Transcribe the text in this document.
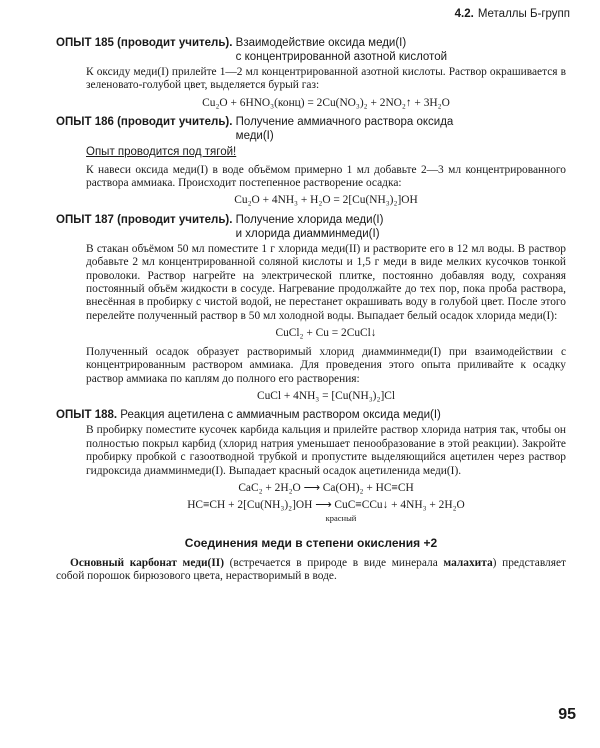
4.2. Металлы Б-групп
ОПЫТ 185 (проводит учитель).
Взаимодействие оксида меди(I)
с концентрированной азотной кислотой

К оксиду меди(I) прилейте 1—2 мл концентрированной азотной кислоты. Раствор окрашивается в зеленовато-голубой цвет, выделяется бурый газ:

Cu₂O + 6HNO₃(конц) = 2Cu(NO₃)₂ + 2NO₂↑ + 3H₂O
ОПЫТ 186 (проводит учитель).
Получение аммиачного раствора оксида
меди(I)
Опыт проводится под тягой!

К навеси оксида меди(I) в воде объёмом примерно 1 мл добавьте 2—3 мл концентрированного раствора аммиака. Происходит постепенное растворение осадка:

Cu₂O + 4NH₃ + H₂O = 2[Cu(NH₃)₂]OH
ОПЫТ 187 (проводит учитель).
Получение хлорида меди(I)
и хлорида диамминмеди(I)

В стакан объёмом 50 мл поместите 1 г хлорида меди(II) и растворите его в 12 мл воды. В раствор добавьте 2 мл концентрированной соляной кислоты и 1,5 г меди в виде мелких кусочков тонкой проволоки. Раствор нагрейте на электрической плитке, постоянно добавляя воду, сохраняя постоянный объём жидкости в сосуде. Нагревание продолжайте до тех пор, пока проба раствора, внесённая в пробирку с чистой водой, не перестанет окрашивать воду в голубой цвет. После этого перелейте полученный раствор в 50 мл холодной воды. Выпадает белый осадок хлорида меди(I):

CuCl₂ + Cu = 2CuCl↓

Полученный осадок образует растворимый хлорид диамминмеди(I) при взаимодействии с концентрированным раствором аммиака. Для проведения этого опыта приливайте к осадку раствор аммиака по каплям до полного его растворения:

CuCl + 4NH₃ = [Cu(NH₃)₂]Cl
ОПЫТ 188.
Реакция ацетилена с аммиачным раствором оксида меди(I)

В пробирку поместите кусочек карбида кальция и прилейте раствор хлорида натрия так, чтобы он полностью покрыл карбид (хлорид натрия уменьшает пенообразование в этой реакции). Закройте пробирку пробкой с газоотводной трубкой и пропустите выделяющийся ацетилен через раствор гидроксида диамминмеди(I). Выпадает красный осадок ацетиленида меди(I).

CaC₂ + 2H₂O ⟶ Ca(OH)₂ + HC≡CH
HC≡CH + 2[Cu(NH₃)₂]OH ⟶ CuC≡CCu↓ + 4NH₃ + 2H₂O
красный
Соединения меди в степени окисления +2

Основный карбонат меди(II) (встречается в природе в виде минерала малахита) представляет собой порошок бирюзового цвета, нерастворимый в воде.

95
